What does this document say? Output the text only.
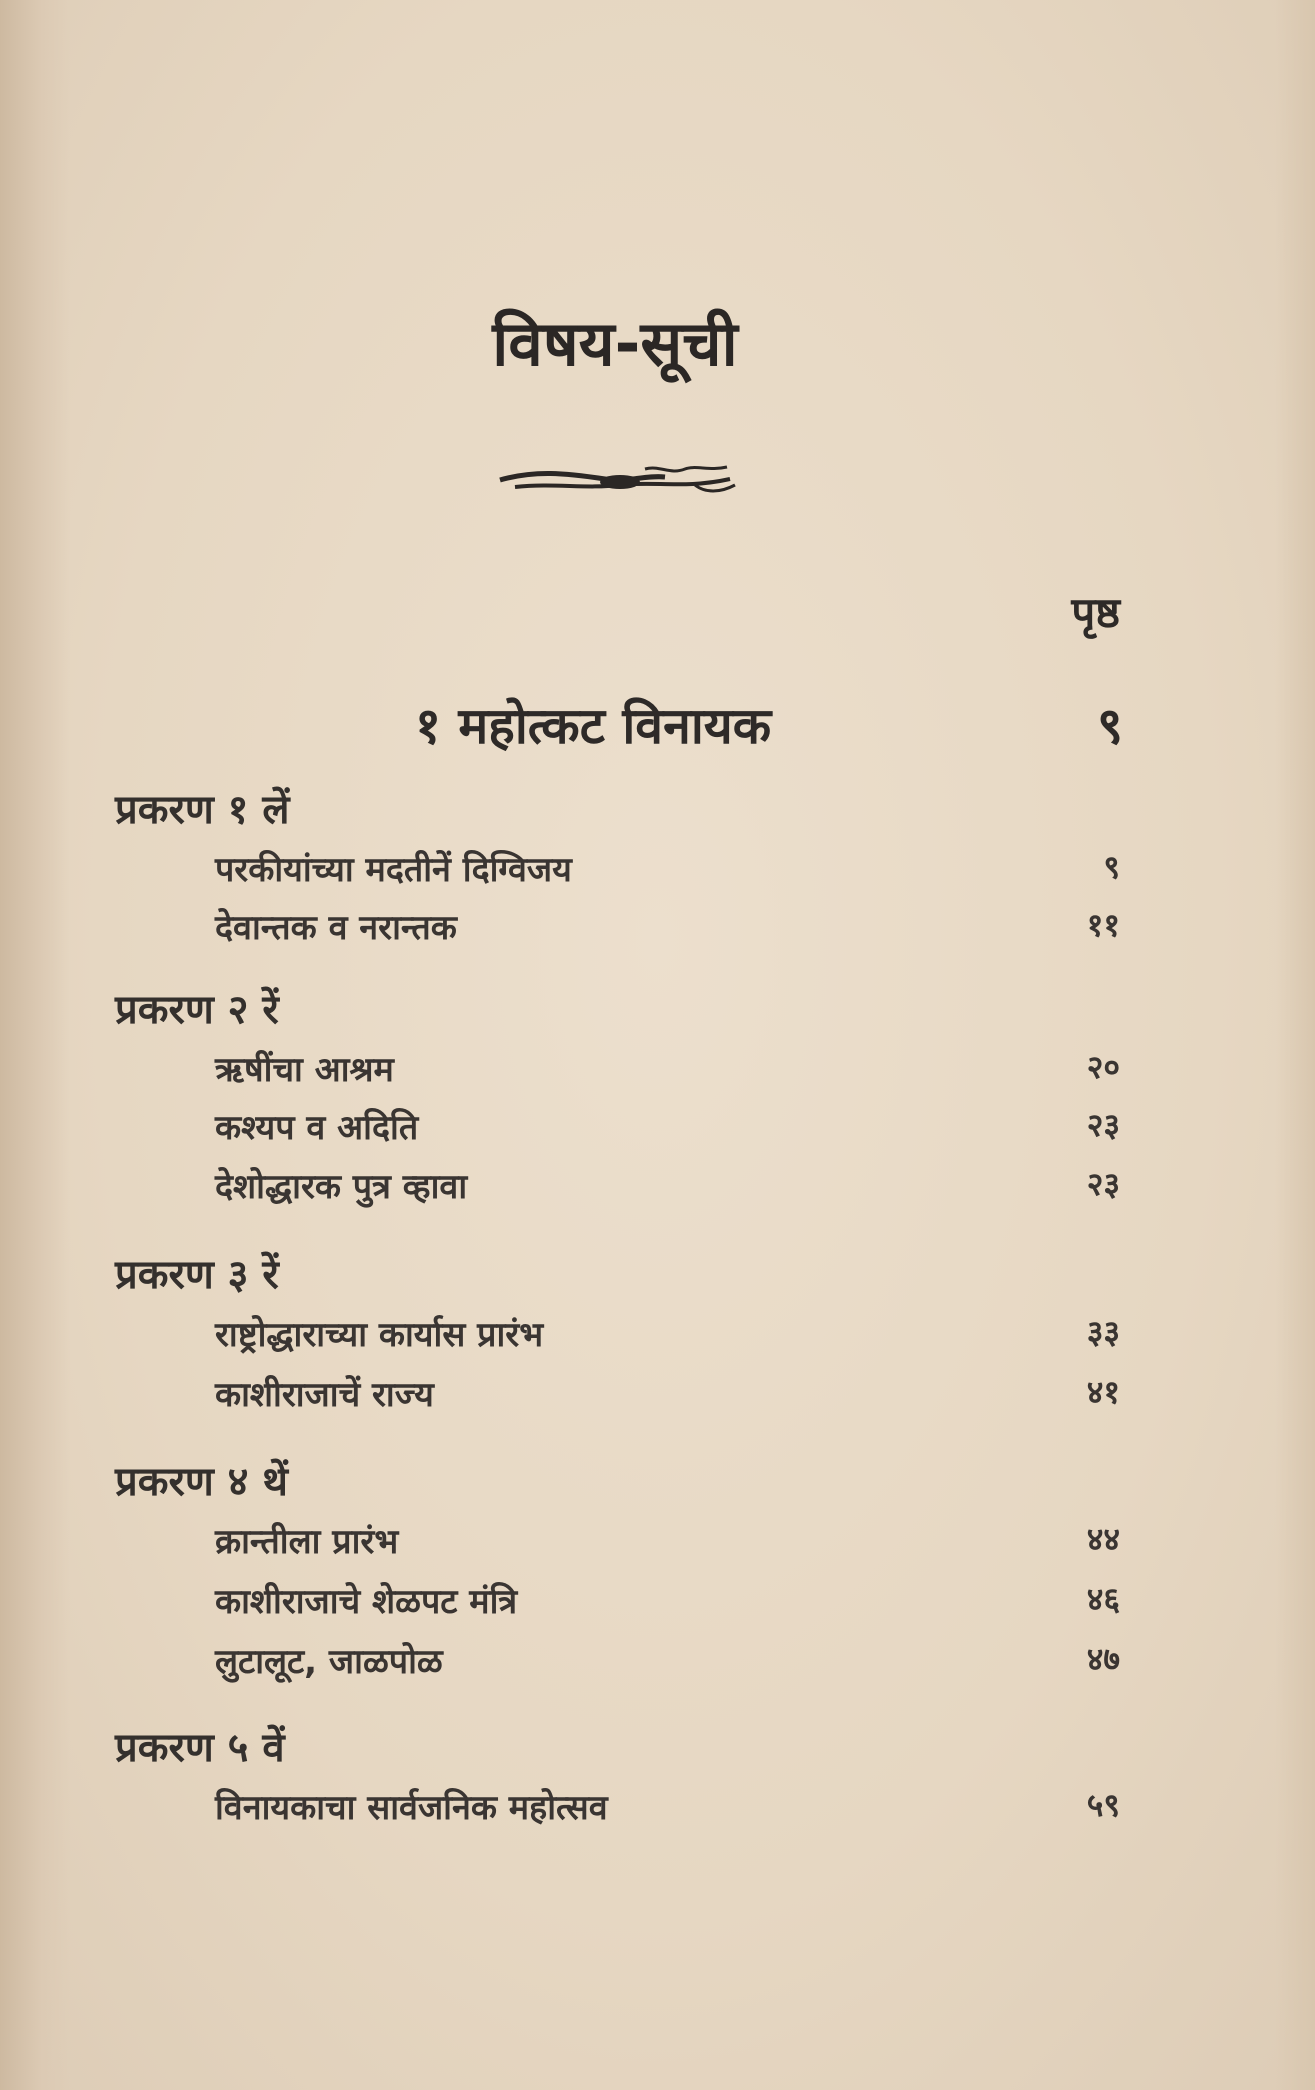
विषय-सूची
पृष्ठ
१ महोत्कट विनायक	९
प्रकरण १ लें
परकीयांच्या मदतीनें दिग्विजय	९
देवान्तक व नरान्तक	११
प्रकरण २ रें
ऋषींचा आश्रम	२०
कश्यप व अदिति	२३
देशोद्धारक पुत्र व्हावा	२३
प्रकरण ३ रें
राष्ट्रोद्धाराच्या कार्यास प्रारंभ	३३
काशीराजाचें राज्य	४१
प्रकरण ४ थें
क्रान्तीला प्रारंभ	४४
काशीराजाचे शेळपट मंत्रि	४६
लुटालूट, जाळपोळ	४७
प्रकरण ५ वें
विनायकाचा सार्वजनिक महोत्सव	५९
